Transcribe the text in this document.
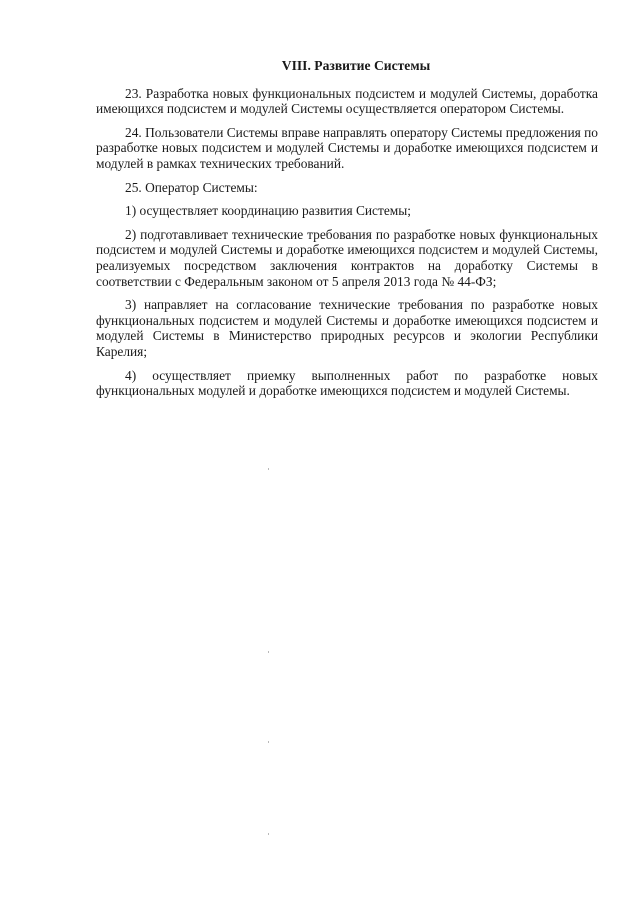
VIII. Развитие Системы

23. Разработка новых функциональных подсистем и модулей Системы, доработка имеющихся подсистем и модулей Системы осуществляется оператором Системы.

24. Пользователи Системы вправе направлять оператору Системы предложения по разработке новых подсистем и модулей Системы и доработке имеющихся подсистем и модулей в рамках технических требований.

25. Оператор Системы:

1) осуществляет координацию развития Системы;

2) подготавливает технические требования по разработке новых функциональных подсистем и модулей Системы и доработке имеющихся подсистем и модулей Системы, реализуемых посредством заключения контрактов на доработку Системы в соответствии с Федеральным законом от 5 апреля 2013 года № 44-ФЗ;

3) направляет на согласование технические требования по разработке новых функциональных подсистем и модулей Системы и доработке имеющихся подсистем и модулей Системы в Министерство природных ресурсов и экологии Республики Карелия;

4) осуществляет приемку выполненных работ по разработке новых функциональных модулей и доработке имеющихся подсистем и модулей Системы.
